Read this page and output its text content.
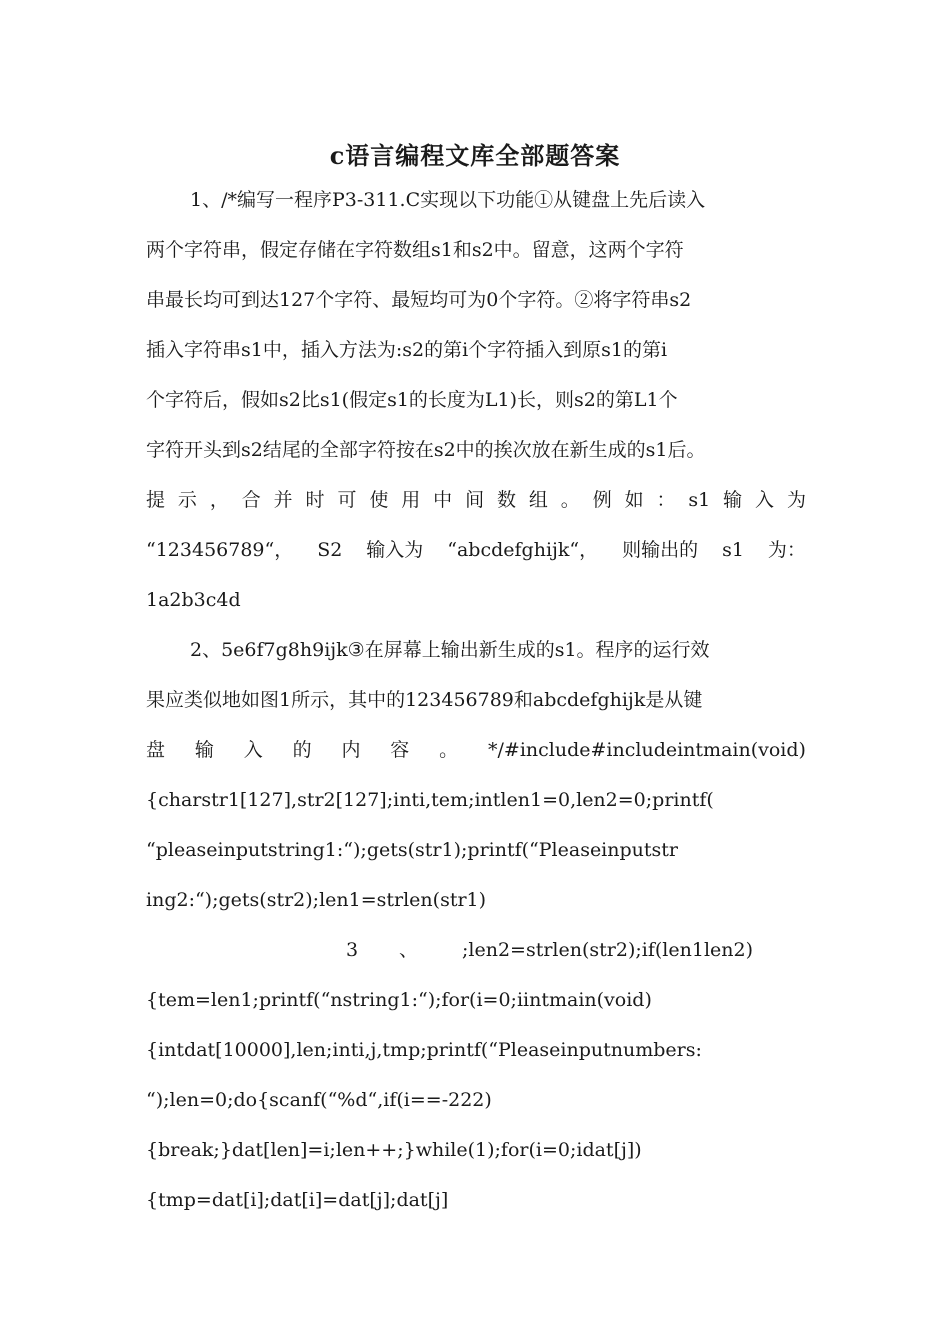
c语言编程文库全部题答案
1、/*编写一程序P3-311.C实现以下功能①从键盘上先后读入
两个字符串，假定存储在字符数组s1和s2中。留意，这两个字符
串最长均可到达127个字符、最短均可为0个字符。②将字符串s2
插入字符串s1中，插入方法为:s2的第i个字符插入到原s1的第i
个字符后，假如s2比s1(假定s1的长度为L1)长，则s2的第L1个
字符开头到s2结尾的全部字符按在s2中的挨次放在新生成的s1后。
提 示 ， 合 并 时 可 使 用 中 间 数 组 。 例 如 ： s1 输 入 为
“123456789“， S2 输入为 “abcdefghijk“， 则输出的 s1 为：
1a2b3c4d
2、5e6f7g8h9ijk③在屏幕上输出新生成的s1。程序的运行效
果应类似地如图1所示，其中的123456789和abcdefghijk是从键
盘 输 入 的 内 容 。 */#include#includeintmain(void)
{charstr1[127],str2[127];inti,tem;intlen1=0,len2=0;printf(
“pleaseinputstring1:“);gets(str1);printf(“Pleaseinputstr
ing2:“);gets(str2);len1=strlen(str1)
3 、 ;len2=strlen(str2);if(len1len2)
{tem=len1;printf(“nstring1:“);for(i=0;iintmain(void)
{intdat[10000],len;inti,j,tmp;printf(“Pleaseinputnumbers:
“);len=0;do{scanf(“%d“,if(i==-222)
{break;}dat[len]=i;len++;}while(1);for(i=0;idat[j])
{tmp=dat[i];dat[i]=dat[j];dat[j]
